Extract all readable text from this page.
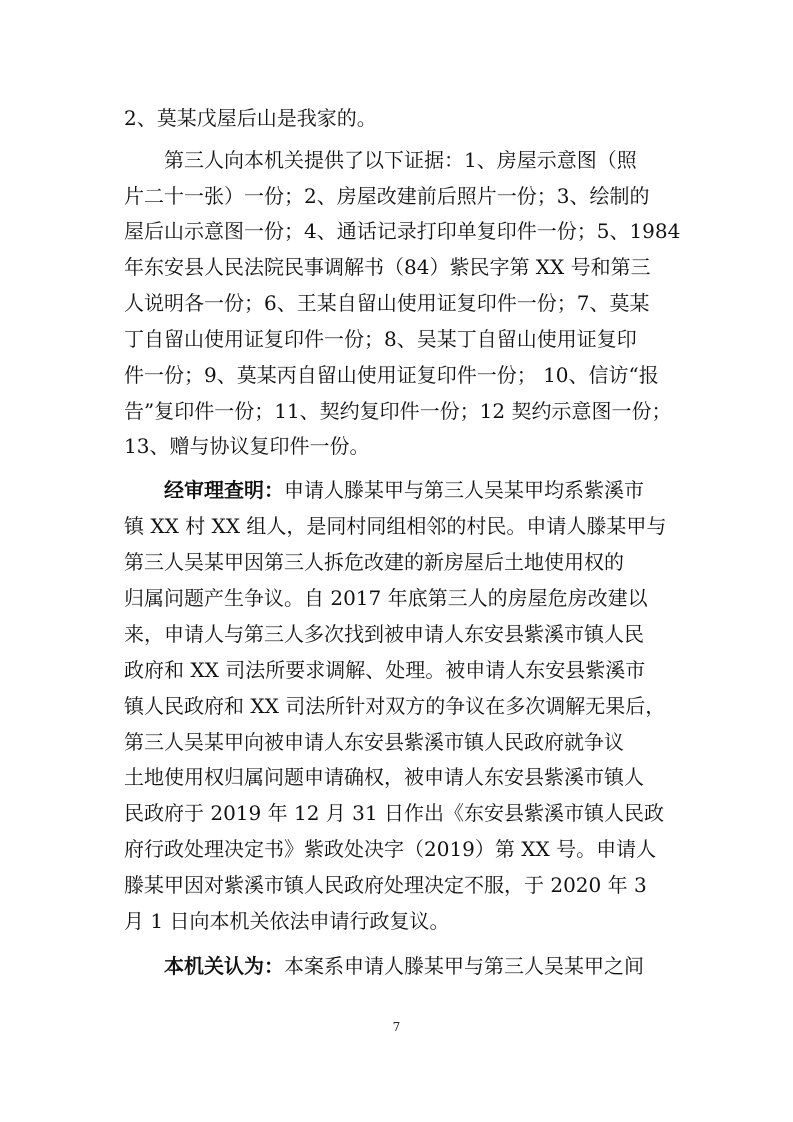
2、莫某戊屋后山是我家的。
第三人向本机关提供了以下证据：1、房屋示意图（照
片二十一张）一份；2、房屋改建前后照片一份；3、绘制的
屋后山示意图一份；4、通话记录打印单复印件一份；5、1984
年东安县人民法院民事调解书（84）紫民字第 XX 号和第三
人说明各一份；6、王某自留山使用证复印件一份；7、莫某
丁自留山使用证复印件一份；8、吴某丁自留山使用证复印
件一份；9、莫某丙自留山使用证复印件一份； 10、信访“报
告”复印件一份；11、契约复印件一份；12 契约示意图一份；
13、赠与协议复印件一份。
经审理查明：申请人滕某甲与第三人吴某甲均系紫溪市
镇 XX 村 XX 组人，是同村同组相邻的村民。申请人滕某甲与
第三人吴某甲因第三人拆危改建的新房屋后土地使用权的
归属问题产生争议。自 2017 年底第三人的房屋危房改建以
来，申请人与第三人多次找到被申请人东安县紫溪市镇人民
政府和 XX 司法所要求调解、处理。被申请人东安县紫溪市
镇人民政府和 XX 司法所针对双方的争议在多次调解无果后，
第三人吴某甲向被申请人东安县紫溪市镇人民政府就争议
土地使用权归属问题申请确权，被申请人东安县紫溪市镇人
民政府于 2019 年 12 月 31 日作出《东安县紫溪市镇人民政
府行政处理决定书》紫政处决字（2019）第 XX 号。申请人
滕某甲因对紫溪市镇人民政府处理决定不服，于 2020 年 3
月 1 日向本机关依法申请行政复议。
本机关认为：本案系申请人滕某甲与第三人吴某甲之间
7
